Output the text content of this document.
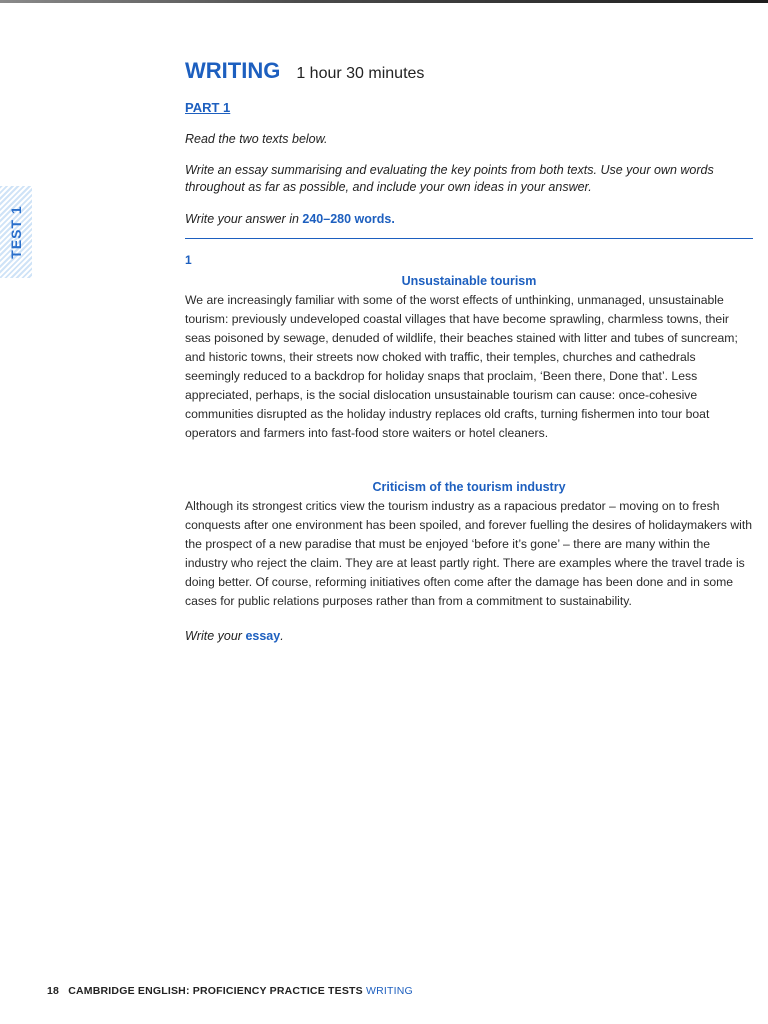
TEST 1
WRITING 1 hour 30 minutes
PART 1

Read the two texts below.

Write an essay summarising and evaluating the key points from both texts. Use your own words throughout as far as possible, and include your own ideas in your answer.

Write your answer in 240–280 words.

1
Unsustainable tourism

We are increasingly familiar with some of the worst effects of unthinking, unmanaged, unsustainable tourism: previously undeveloped coastal villages that have become sprawling, charmless towns, their seas poisoned by sewage, denuded of wildlife, their beaches stained with litter and tubes of suncream; and historic towns, their streets now choked with traffic, their temples, churches and cathedrals seemingly reduced to a backdrop for holiday snaps that proclaim, ‘Been there, Done that’. Less appreciated, perhaps, is the social dislocation unsustainable tourism can cause: once-cohesive communities disrupted as the holiday industry replaces old crafts, turning fishermen into tour boat operators and farmers into fast-food store waiters or hotel cleaners.

Criticism of the tourism industry

Although its strongest critics view the tourism industry as a rapacious predator – moving on to fresh conquests after one environment has been spoiled, and forever fuelling the desires of holidaymakers with the prospect of a new paradise that must be enjoyed ‘before it’s gone’ – there are many within the industry who reject the claim. They are at least partly right. There are examples where the travel trade is doing better. Of course, reforming initiatives often come after the damage has been done and in some cases for public relations purposes rather than from a commitment to sustainability.

Write your essay.

18 CAMBRIDGE ENGLISH: PROFICIENCY PRACTICE TESTS WRITING
